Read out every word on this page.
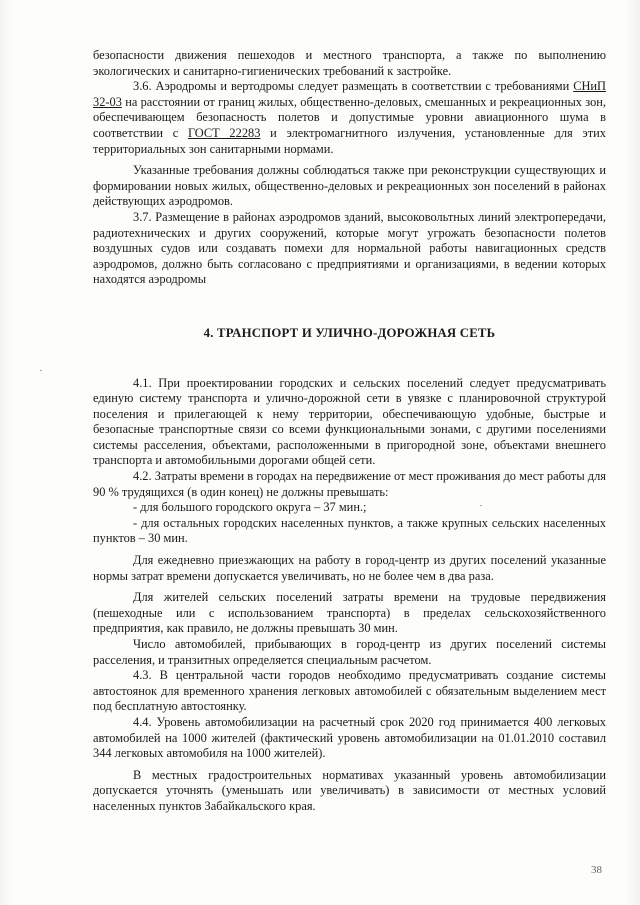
безопасности движения пешеходов и местного транспорта, а также по выполнению экологических и санитарно-гигиенических требований к застройке.

3.6. Аэродромы и вертодромы следует размещать в соответствии с требованиями СНиП 32-03 на расстоянии от границ жилых, общественно-деловых, смешанных и рекреационных зон, обеспечивающем безопасность полетов и допустимые уровни авиационного шума в соответствии с ГОСТ 22283 и электромагнитного излучения, установленные для этих территориальных зон санитарными нормами.

Указанные требования должны соблюдаться также при реконструкции существующих и формировании новых жилых, общественно-деловых и рекреационных зон поселений в районах действующих аэродромов.

3.7. Размещение в районах аэродромов зданий, высоковольтных линий электропередачи, радиотехнических и других сооружений, которые могут угрожать безопасности полетов воздушных судов или создавать помехи для нормальной работы навигационных средств аэродромов, должно быть согласовано с предприятиями и организациями, в ведении которых находятся аэродромы

4. ТРАНСПОРТ И УЛИЧНО-ДОРОЖНАЯ СЕТЬ

4.1. При проектировании городских и сельских поселений следует предусматривать единую систему транспорта и улично-дорожной сети в увязке с планировочной структурой поселения и прилегающей к нему территории, обеспечивающую удобные, быстрые и безопасные транспортные связи со всеми функциональными зонами, с другими поселениями системы расселения, объектами, расположенными в пригородной зоне, объектами внешнего транспорта и автомобильными дорогами общей сети.

4.2. Затраты времени в городах на передвижение от мест проживания до мест работы для 90 % трудящихся (в один конец) не должны превышать:

- для большого городского округа – 37 мин.;

- для остальных городских населенных пунктов, а также крупных сельских населенных пунктов – 30 мин.

Для ежедневно приезжающих на работу в город-центр из других поселений указанные нормы затрат времени допускается увеличивать, но не более чем в два раза.

Для жителей сельских поселений затраты времени на трудовые передвижения (пешеходные или с использованием транспорта) в пределах сельскохозяйственного предприятия, как правило, не должны превышать 30 мин.

Число автомобилей, прибывающих в город-центр из других поселений системы расселения, и транзитных определяется специальным расчетом.

4.3. В центральной части городов необходимо предусматривать создание системы автостоянок для временного хранения легковых автомобилей с обязательным выделением мест под бесплатную автостоянку.

4.4. Уровень автомобилизации на расчетный срок 2020 год принимается 400 легковых автомобилей на 1000 жителей (фактический уровень автомобилизации на 01.01.2010 составил 344 легковых автомобиля на 1000 жителей).

В местных градостроительных нормативах указанный уровень автомобилизации допускается уточнять (уменьшать или увеличивать) в зависимости от местных условий населенных пунктов Забайкальского края.

38
